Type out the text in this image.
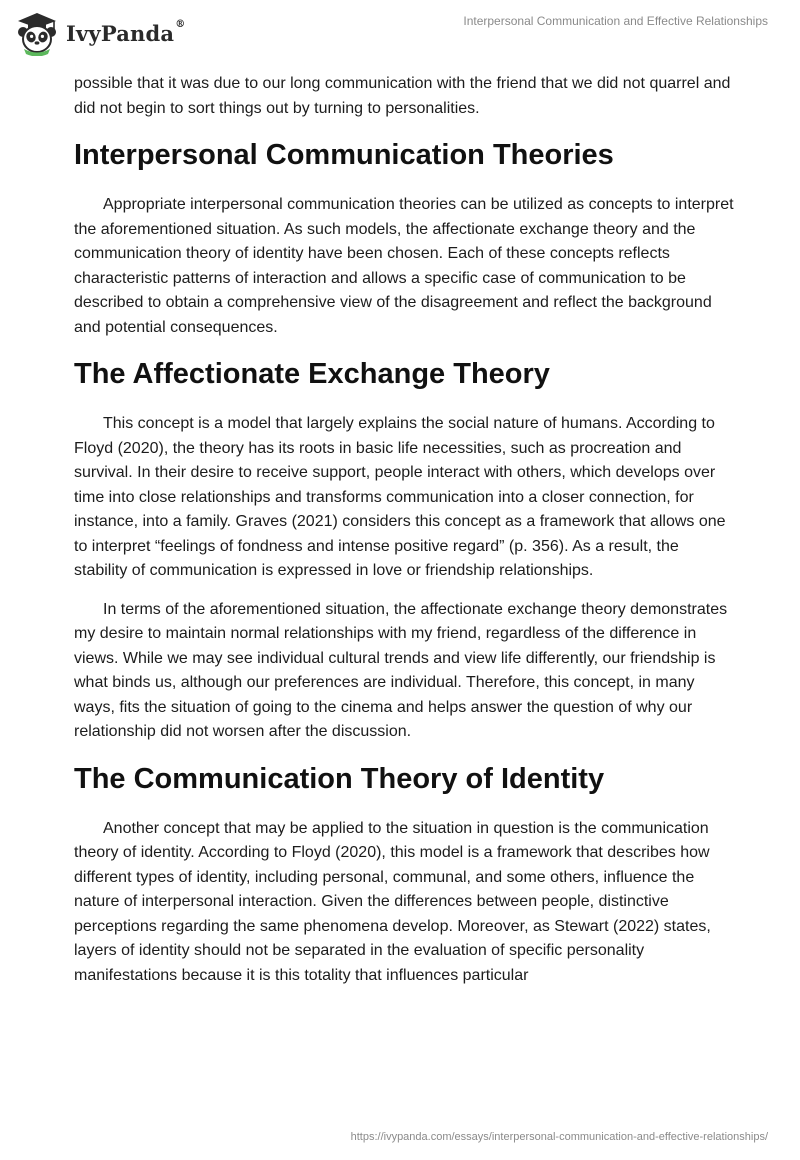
IvyPanda®	Interpersonal Communication and Effective Relationships

possible that it was due to our long communication with the friend that we did not quarrel and did not begin to sort things out by turning to personalities.

Interpersonal Communication Theories

Appropriate interpersonal communication theories can be utilized as concepts to interpret the aforementioned situation. As such models, the affectionate exchange theory and the communication theory of identity have been chosen. Each of these concepts reflects characteristic patterns of interaction and allows a specific case of communication to be described to obtain a comprehensive view of the disagreement and reflect the background and potential consequences.

The Affectionate Exchange Theory

This concept is a model that largely explains the social nature of humans. According to Floyd (2020), the theory has its roots in basic life necessities, such as procreation and survival. In their desire to receive support, people interact with others, which develops over time into close relationships and transforms communication into a closer connection, for instance, into a family. Graves (2021) considers this concept as a framework that allows one to interpret “feelings of fondness and intense positive regard” (p. 356). As a result, the stability of communication is expressed in love or friendship relationships.

In terms of the aforementioned situation, the affectionate exchange theory demonstrates my desire to maintain normal relationships with my friend, regardless of the difference in views. While we may see individual cultural trends and view life differently, our friendship is what binds us, although our preferences are individual. Therefore, this concept, in many ways, fits the situation of going to the cinema and helps answer the question of why our relationship did not worsen after the discussion.

The Communication Theory of Identity

Another concept that may be applied to the situation in question is the communication theory of identity. According to Floyd (2020), this model is a framework that describes how different types of identity, including personal, communal, and some others, influence the nature of interpersonal interaction. Given the differences between people, distinctive perceptions regarding the same phenomena develop. Moreover, as Stewart (2022) states, layers of identity should not be separated in the evaluation of specific personality manifestations because it is this totality that influences particular

https://ivypanda.com/essays/interpersonal-communication-and-effective-relationships/
